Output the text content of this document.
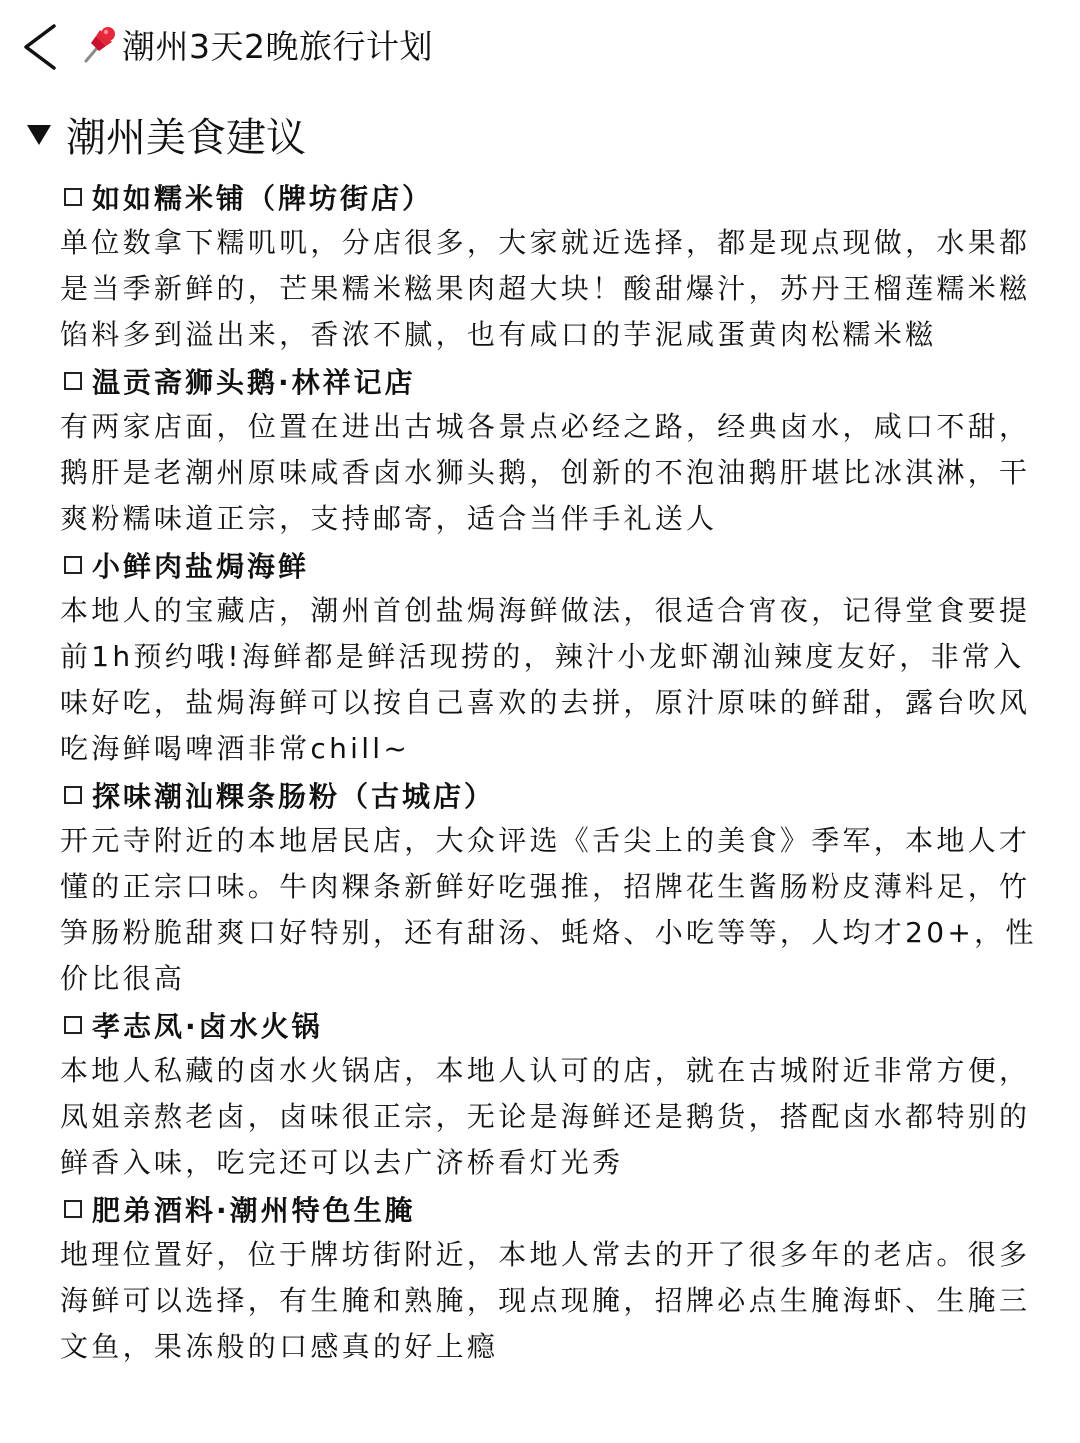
潮州3天2晚旅行计划
潮州美食建议
如如糯米铺（牌坊街店）

单位数拿下糯叽叽，分店很多，大家就近选择，都是现点现做，水果都是当季新鲜的，芒果糯米糍果肉超大块！酸甜爆汁，苏丹王榴莲糯米糍馅料多到溢出来，香浓不腻，也有咸口的芋泥咸蛋黄肉松糯米糍

温贡斋狮头鹅·林祥记店

有两家店面，位置在进出古城各景点必经之路，经典卤水，咸口不甜，鹅肝是老潮州原味咸香卤水狮头鹅，创新的不泡油鹅肝堪比冰淇淋，干爽粉糯味道正宗，支持邮寄，适合当伴手礼送人

小鲜肉盐焗海鲜

本地人的宝藏店，潮州首创盐焗海鲜做法，很适合宵夜，记得堂食要提前1h预约哦!海鲜都是鲜活现捞的，辣汁小龙虾潮汕辣度友好，非常入味好吃，盐焗海鲜可以按自己喜欢的去拼，原汁原味的鲜甜，露台吹风吃海鲜喝啤酒非常chill~

探味潮汕粿条肠粉（古城店）

开元寺附近的本地居民店，大众评选《舌尖上的美食》季军，本地人才懂的正宗口味。牛肉粿条新鲜好吃强推，招牌花生酱肠粉皮薄料足，竹笋肠粉脆甜爽口好特别，还有甜汤、蚝烙、小吃等等，人均才20+，性价比很高

孝志凤·卤水火锅

本地人私藏的卤水火锅店，本地人认可的店，就在古城附近非常方便，凤姐亲熬老卤，卤味很正宗，无论是海鲜还是鹅货，搭配卤水都特别的鲜香入味，吃完还可以去广济桥看灯光秀

肥弟酒料·潮州特色生腌

地理位置好，位于牌坊街附近，本地人常去的开了很多年的老店。很多海鲜可以选择，有生腌和熟腌，现点现腌，招牌必点生腌海虾、生腌三文鱼，果冻般的口感真的好上瘾
